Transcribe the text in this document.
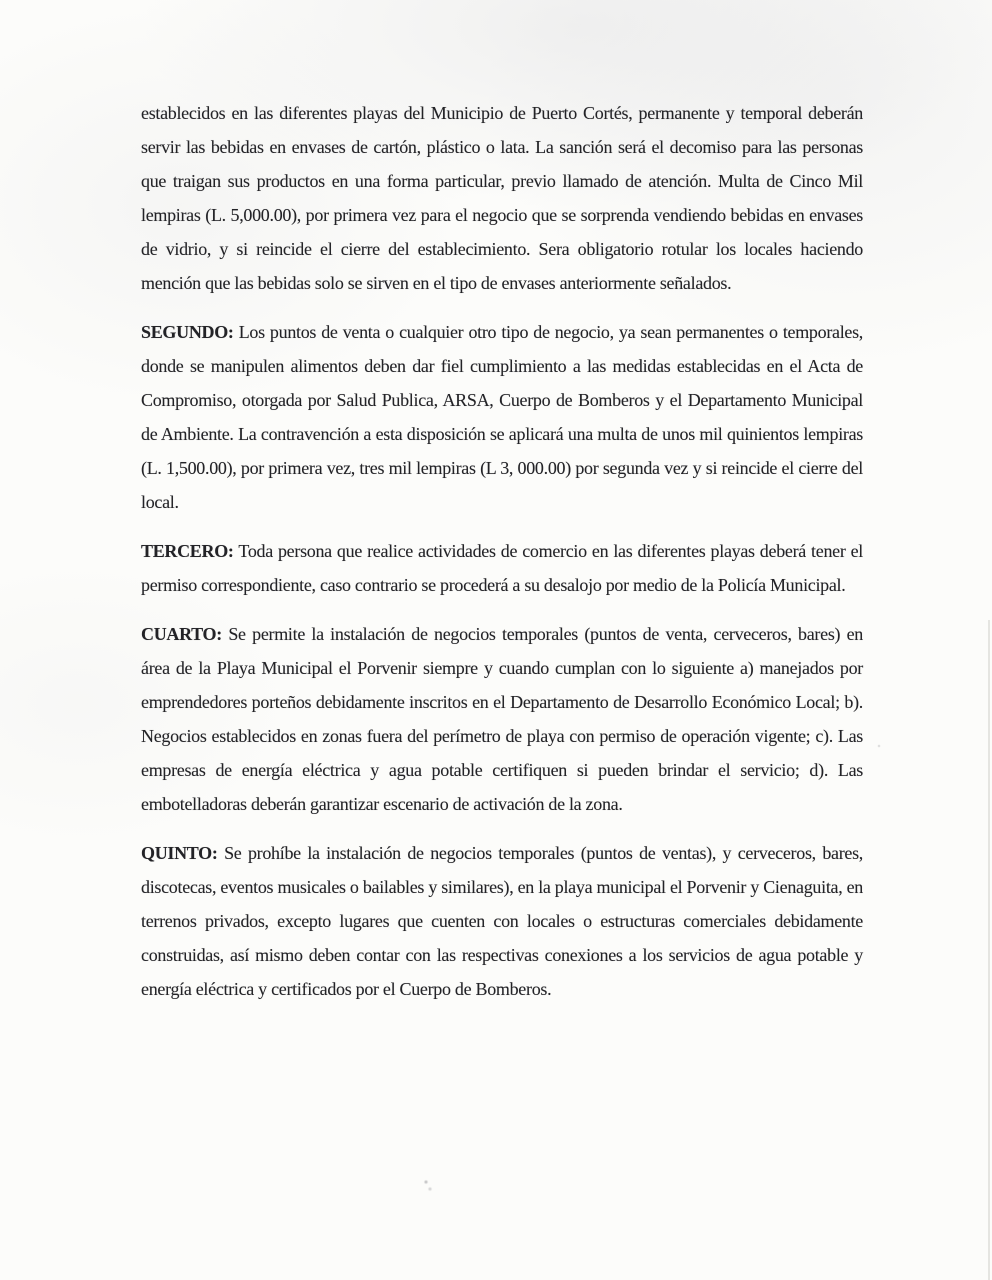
establecidos en las diferentes playas del Municipio de Puerto Cortés, permanente y temporal deberán servir las bebidas en envases de cartón, plástico o lata. La sanción será el decomiso para las personas que traigan sus productos en una forma particular, previo llamado de atención. Multa de Cinco Mil lempiras (L. 5,000.00), por primera vez para el negocio que se sorprenda vendiendo bebidas en envases de vidrio, y si reincide el cierre del establecimiento. Sera obligatorio rotular los locales haciendo mención que las bebidas solo se sirven en el tipo de envases anteriormente señalados.

SEGUNDO: Los puntos de venta o cualquier otro tipo de negocio, ya sean permanentes o temporales, donde se manipulen alimentos deben dar fiel cumplimiento a las medidas establecidas en el Acta de Compromiso, otorgada por Salud Publica, ARSA, Cuerpo de Bomberos y el Departamento Municipal de Ambiente. La contravención a esta disposición se aplicará una multa de unos mil quinientos lempiras (L. 1,500.00), por primera vez, tres mil lempiras (L 3, 000.00) por segunda vez y si reincide el cierre del local.

TERCERO: Toda persona que realice actividades de comercio en las diferentes playas deberá tener el permiso correspondiente, caso contrario se procederá a su desalojo por medio de la Policía Municipal.

CUARTO: Se permite la instalación de negocios temporales (puntos de venta, cerveceros, bares) en área de la Playa Municipal el Porvenir siempre y cuando cumplan con lo siguiente a) manejados por emprendedores porteños debidamente inscritos en el Departamento de Desarrollo Económico Local; b). Negocios establecidos en zonas fuera del perímetro de playa con permiso de operación vigente; c). Las empresas de energía eléctrica y agua potable certifiquen si pueden brindar el servicio; d). Las embotelladoras deberán garantizar escenario de activación de la zona.

QUINTO: Se prohíbe la instalación de negocios temporales (puntos de ventas), y cerveceros, bares, discotecas, eventos musicales o bailables y similares), en la playa municipal el Porvenir y Cienaguita, en terrenos privados, excepto lugares que cuenten con locales o estructuras comerciales debidamente construidas, así mismo deben contar con las respectivas conexiones a los servicios de agua potable y energía eléctrica y certificados por el Cuerpo de Bomberos.
